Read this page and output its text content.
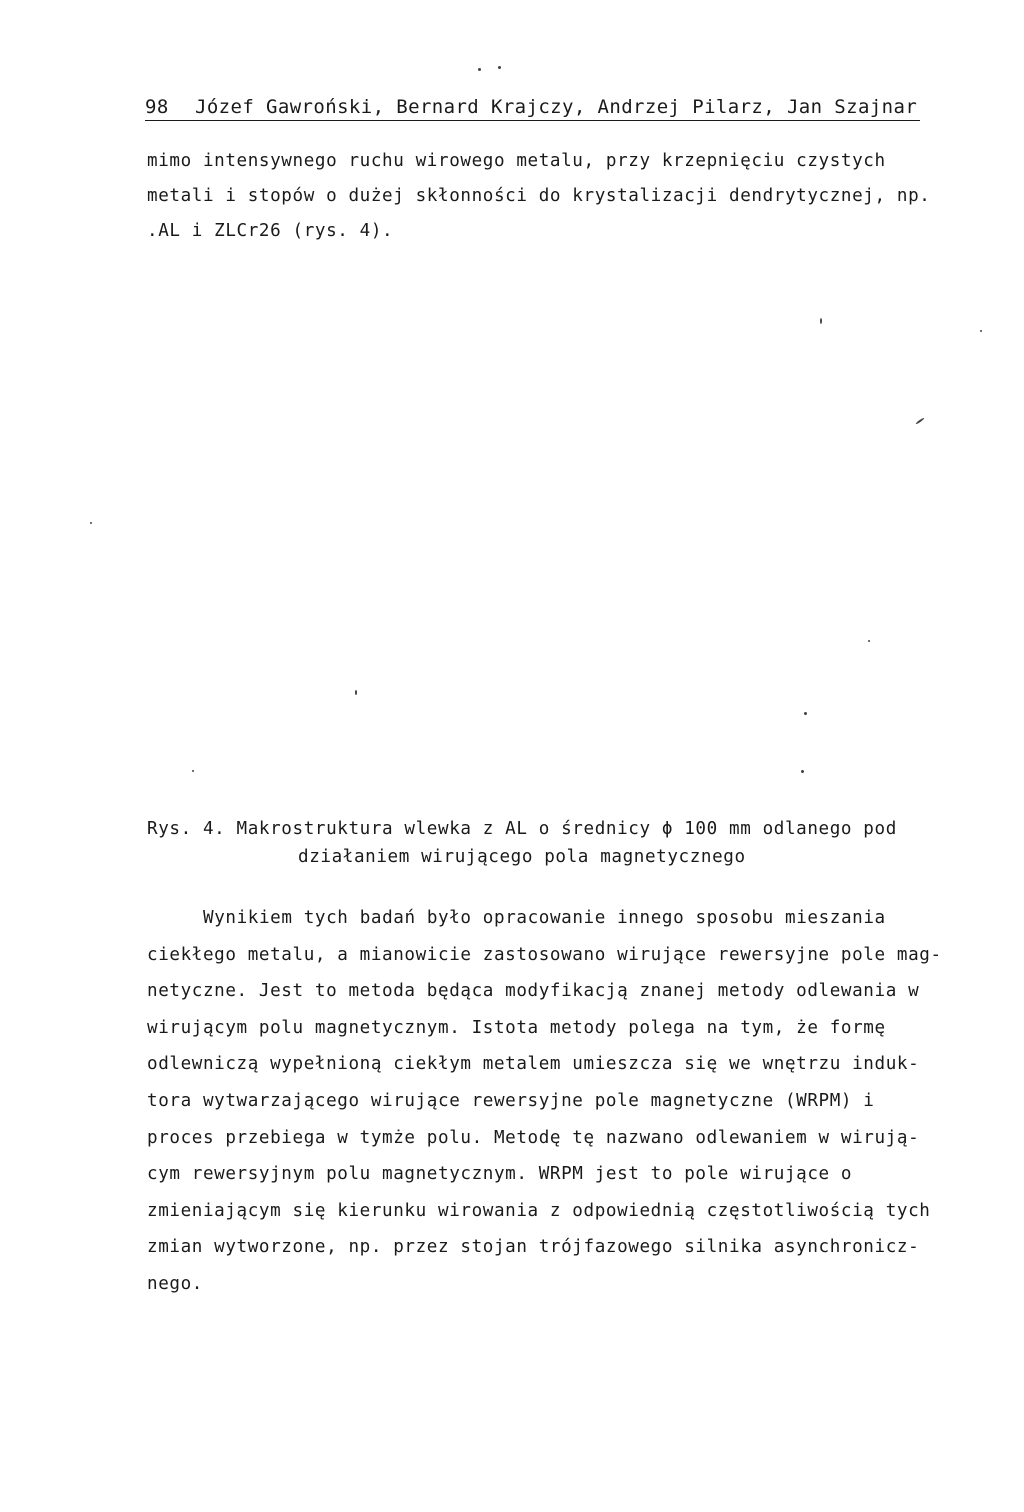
98 Józef Gawroński, Bernard Krajczy, Andrzej Pilarz, Jan Szajnar
mimo intensywnego ruchu wirowego metalu, przy krzepnięciu czystych
metali i stopów o dużej skłonności do krystalizacji dendrytycznej, np.
.AL i ZLCr26 (rys. 4).
Rys. 4. Makrostruktura wlewka z AL o średnicy ϕ 100 mm odlanego pod
działaniem wirującego pola magnetycznego
Wynikiem tych badań było opracowanie innego sposobu mieszania
ciekłego metalu, a mianowicie zastosowano wirujące rewersyjne pole mag-
netyczne. Jest to metoda będąca modyfikacją znanej metody odlewania w
wirującym polu magnetycznym. Istota metody polega na tym, że formę
odlewniczą wypełnioną ciekłym metalem umieszcza się we wnętrzu induk-
tora wytwarzającego wirujące rewersyjne pole magnetyczne (WRPM) i
proces przebiega w tymże polu. Metodę tę nazwano odlewaniem w wirują-
cym rewersyjnym polu magnetycznym. WRPM jest to pole wirujące o
zmieniającym się kierunku wirowania z odpowiednią częstotliwością tych
zmian wytworzone, np. przez stojan trójfazowego silnika asynchronicz-
nego.
